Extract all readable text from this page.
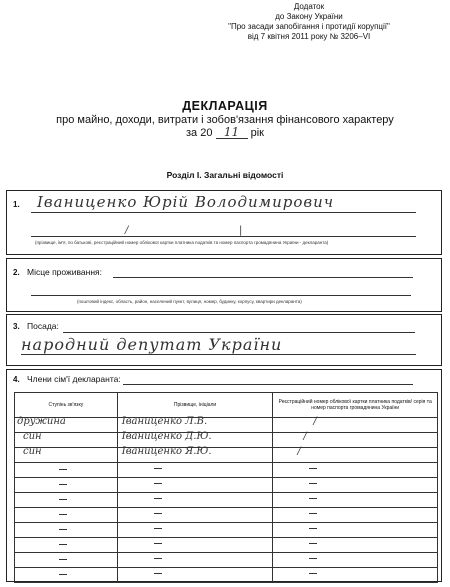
Додаток
до Закону України
"Про засади запобігання і протидії корупції"
від 7 квітня 2011 року № 3206–VI
ДЕКЛАРАЦІЯ
про майно, доходи, витрати і зобов'язання фінансового характеру
за 20 11 рік
Розділ І. Загальні відомості
1. Іваниценко Юрій Володимирович
/	|
(прізвище, ім'я, по батькові, реєстраційний номер облікової картки платника податків та номер паспорта громадянина України - декларанта)
2. Місце проживання:
(поштовий індекс, область, район, населений пункт, вулиця, номер, будинку, корпусу, квартири декларанта)
3. Посада:
народний депутат України
4. Члени сім'ї декларанта:
Ступінь зв'язку	Прізвище, ініціали	Реєстраційний номер облікової картки платника податків/ серія та номер паспорта громадянина України

дружина	Іваниценко Л.В.	/

син	Іваниценко Д.Ю.	/

син	Іваниценко Я.Ю.	/
